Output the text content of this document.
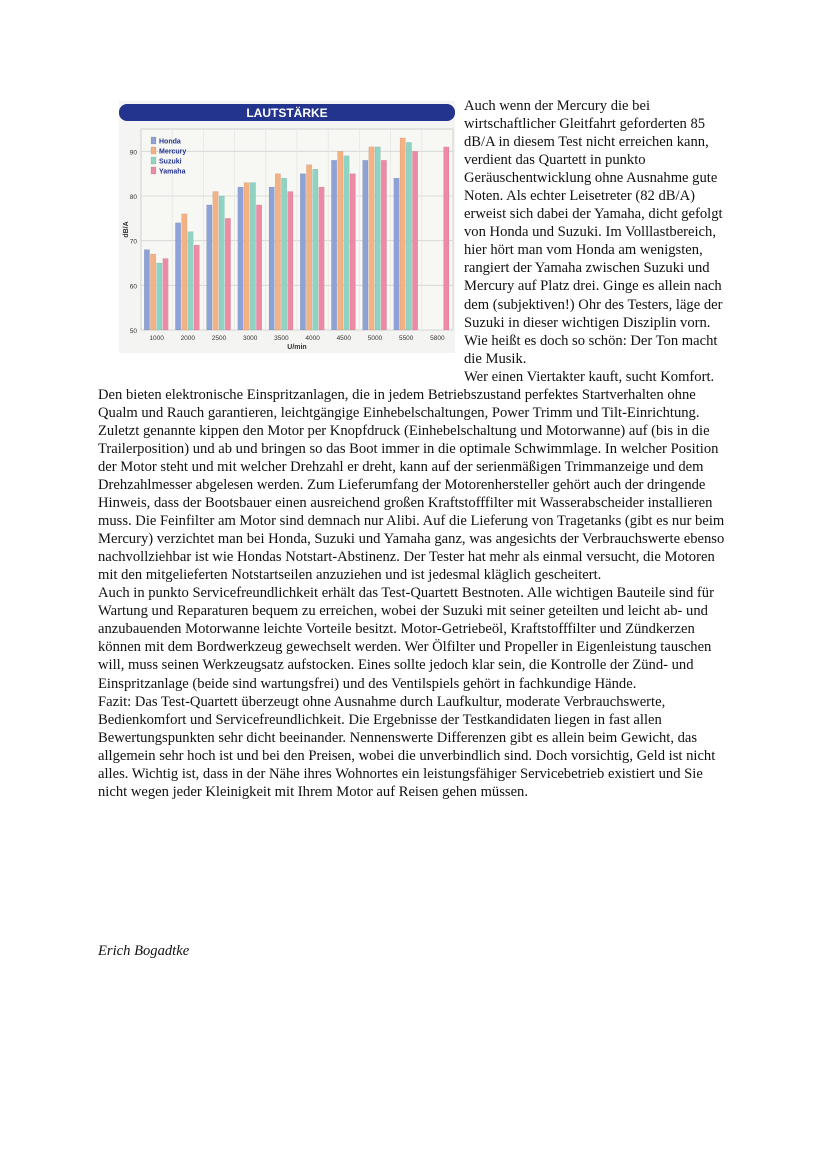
LAUTSTÄRKE
50
60
70
80
90
dB/A
1000	2000	2500	3000	3500	4000	4500	5000	5500	5800
U/min
Honda
Mercury
Suzuki
Yamaha

Auch wenn der Mercury die bei wirtschaftlicher Gleitfahrt geforderten 85 dB/A in diesem Test nicht erreichen kann, verdient das Quartett in punkto Geräuschentwicklung ohne Ausnahme gute Noten. Als echter Leisetreter (82 dB/A) erweist sich dabei der Yamaha, dicht gefolgt von Honda und Suzuki. Im Volllastbereich, hier hört man vom Honda am wenigsten, rangiert der Yamaha zwischen Suzuki und Mercury auf Platz drei. Ginge es allein nach dem (subjektiven!) Ohr des Testers, läge der Suzuki in dieser wichtigen Disziplin vorn. Wie heißt es doch so schön: Der Ton macht die Musik.

Wer einen Viertakter kauft, sucht Komfort. Den bieten elektronische Einspritzanlagen, die in jedem Betriebszustand perfektes Startverhalten ohne Qualm und Rauch garantieren, leichtgängige Einhebelschaltungen, Power Trimm und Tilt-Einrichtung. Zuletzt genannte kippen den Motor per Knopfdruck (Einhebelschaltung und Motorwanne) auf (bis in die Trailerposition) und ab und bringen so das Boot immer in die optimale Schwimmlage. In welcher Position der Motor steht und mit welcher Drehzahl er dreht, kann auf der serienmäßigen Trimmanzeige und dem Drehzahlmesser abgelesen werden. Zum Lieferumfang der Motorenhersteller gehört auch der dringende Hinweis, dass der Bootsbauer einen ausreichend großen Kraftstofffilter mit Wasserabscheider installieren muss. Die Feinfilter am Motor sind demnach nur Alibi. Auf die Lieferung von Tragetanks (gibt es nur beim Mercury) verzichtet man bei Honda, Suzuki und Yamaha ganz, was angesichts der Verbrauchswerte ebenso nachvollziehbar ist wie Hondas Notstart-Abstinenz. Der Tester hat mehr als einmal versucht, die Motoren mit den mitgelieferten Notstartseilen anzuziehen und ist jedesmal kläglich gescheitert.

Auch in punkto Servicefreundlichkeit erhält das Test-Quartett Bestnoten. Alle wichtigen Bauteile sind für Wartung und Reparaturen bequem zu erreichen, wobei der Suzuki mit seiner geteilten und leicht ab- und anzubauenden Motorwanne leichte Vorteile besitzt. Motor-Getriebeöl, Kraftstofffilter und Zündkerzen können mit dem Bordwerkzeug gewechselt werden. Wer Ölfilter und Propeller in Eigenleistung tauschen will, muss seinen Werkzeugsatz aufstocken. Eines sollte jedoch klar sein, die Kontrolle der Zünd- und Einspritzanlage (beide sind wartungsfrei) und des Ventilspiels gehört in fachkundige Hände.

Fazit: Das Test-Quartett überzeugt ohne Ausnahme durch Laufkultur, moderate Verbrauchswerte, Bedienkomfort und Servicefreundlichkeit. Die Ergebnisse der Testkandidaten liegen in fast allen Bewertungspunkten sehr dicht beeinander. Nennenswerte Differenzen gibt es allein beim Gewicht, das allgemein sehr hoch ist und bei den Preisen, wobei die unverbindlich sind. Doch vorsichtig, Geld ist nicht alles. Wichtig ist, dass in der Nähe ihres Wohnortes ein leistungsfähiger Servicebetrieb existiert und Sie nicht wegen jeder Kleinigkeit mit Ihrem Motor auf Reisen gehen müssen.

Erich Bogadtke
